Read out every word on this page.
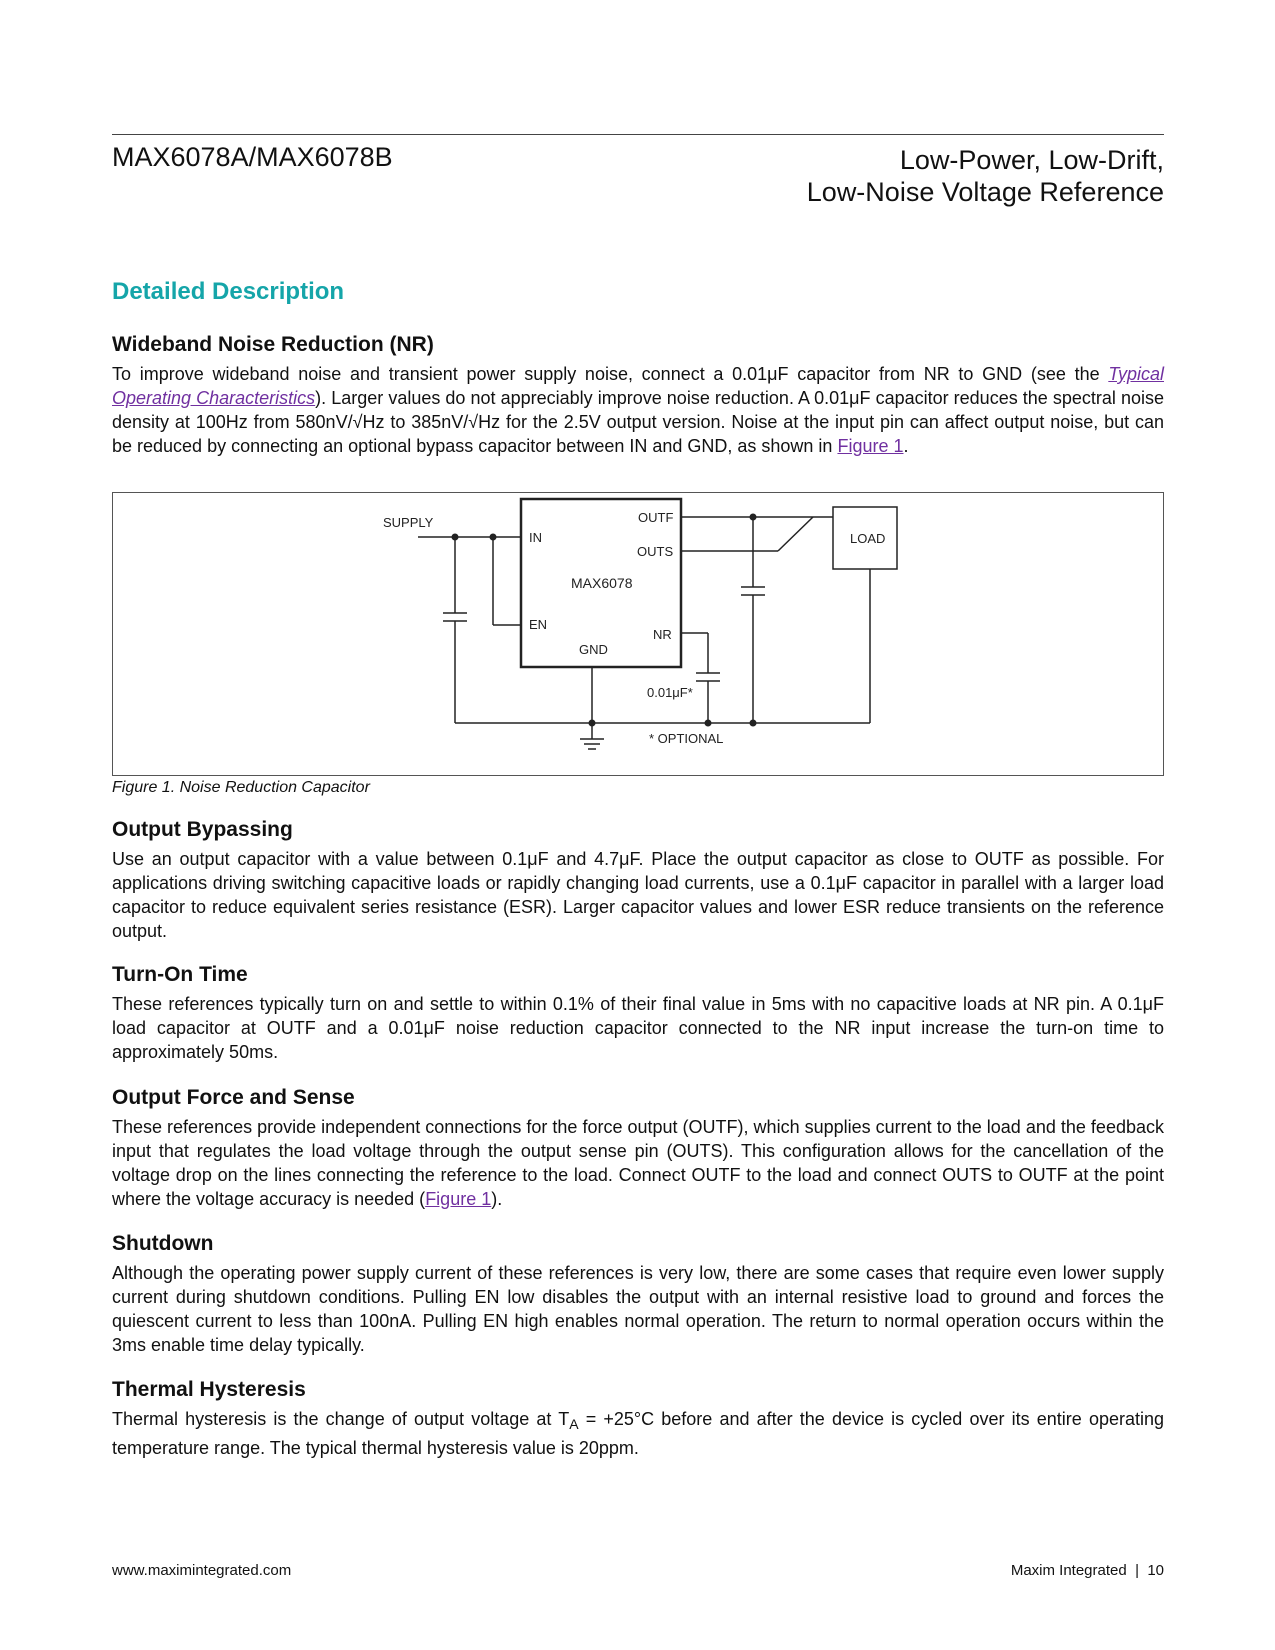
MAX6078A/MAX6078B	Low-Power, Low-Drift,
Low-Noise Voltage Reference
Detailed Description
Wideband Noise Reduction (NR)
To improve wideband noise and transient power supply noise, connect a 0.01μF capacitor from NR to GND (see the Typical Operating Characteristics). Larger values do not appreciably improve noise reduction. A 0.01μF capacitor reduces the spectral noise density at 100Hz from 580nV/√Hz to 385nV/√Hz for the 2.5V output version. Noise at the input pin can affect output noise, but can be reduced by connecting an optional bypass capacitor between IN and GND, as shown in Figure 1.
SUPPLY
IN
EN
OUTF
OUTS
NR
GND
MAX6078
LOAD
0.01μF*
* OPTIONAL
Figure 1. Noise Reduction Capacitor
Output Bypassing
Use an output capacitor with a value between 0.1μF and 4.7μF. Place the output capacitor as close to OUTF as possible. For applications driving switching capacitive loads or rapidly changing load currents, use a 0.1μF capacitor in parallel with a larger load capacitor to reduce equivalent series resistance (ESR). Larger capacitor values and lower ESR reduce transients on the reference output.
Turn-On Time
These references typically turn on and settle to within 0.1% of their final value in 5ms with no capacitive loads at NR pin. A 0.1μF load capacitor at OUTF and a 0.01μF noise reduction capacitor connected to the NR input increase the turn-on time to approximately 50ms.
Output Force and Sense
These references provide independent connections for the force output (OUTF), which supplies current to the load and the feedback input that regulates the load voltage through the output sense pin (OUTS). This configuration allows for the cancellation of the voltage drop on the lines connecting the reference to the load. Connect OUTF to the load and connect OUTS to OUTF at the point where the voltage accuracy is needed (Figure 1).
Shutdown
Although the operating power supply current of these references is very low, there are some cases that require even lower supply current during shutdown conditions. Pulling EN low disables the output with an internal resistive load to ground and forces the quiescent current to less than 100nA. Pulling EN high enables normal operation. The return to normal operation occurs within the 3ms enable time delay typically.
Thermal Hysteresis
Thermal hysteresis is the change of output voltage at $T_A = +25^\circ C$ before and after the device is cycled over its entire operating temperature range. The typical thermal hysteresis value is 20ppm.
www.maximintegrated.com	Maxim Integrated | 10
